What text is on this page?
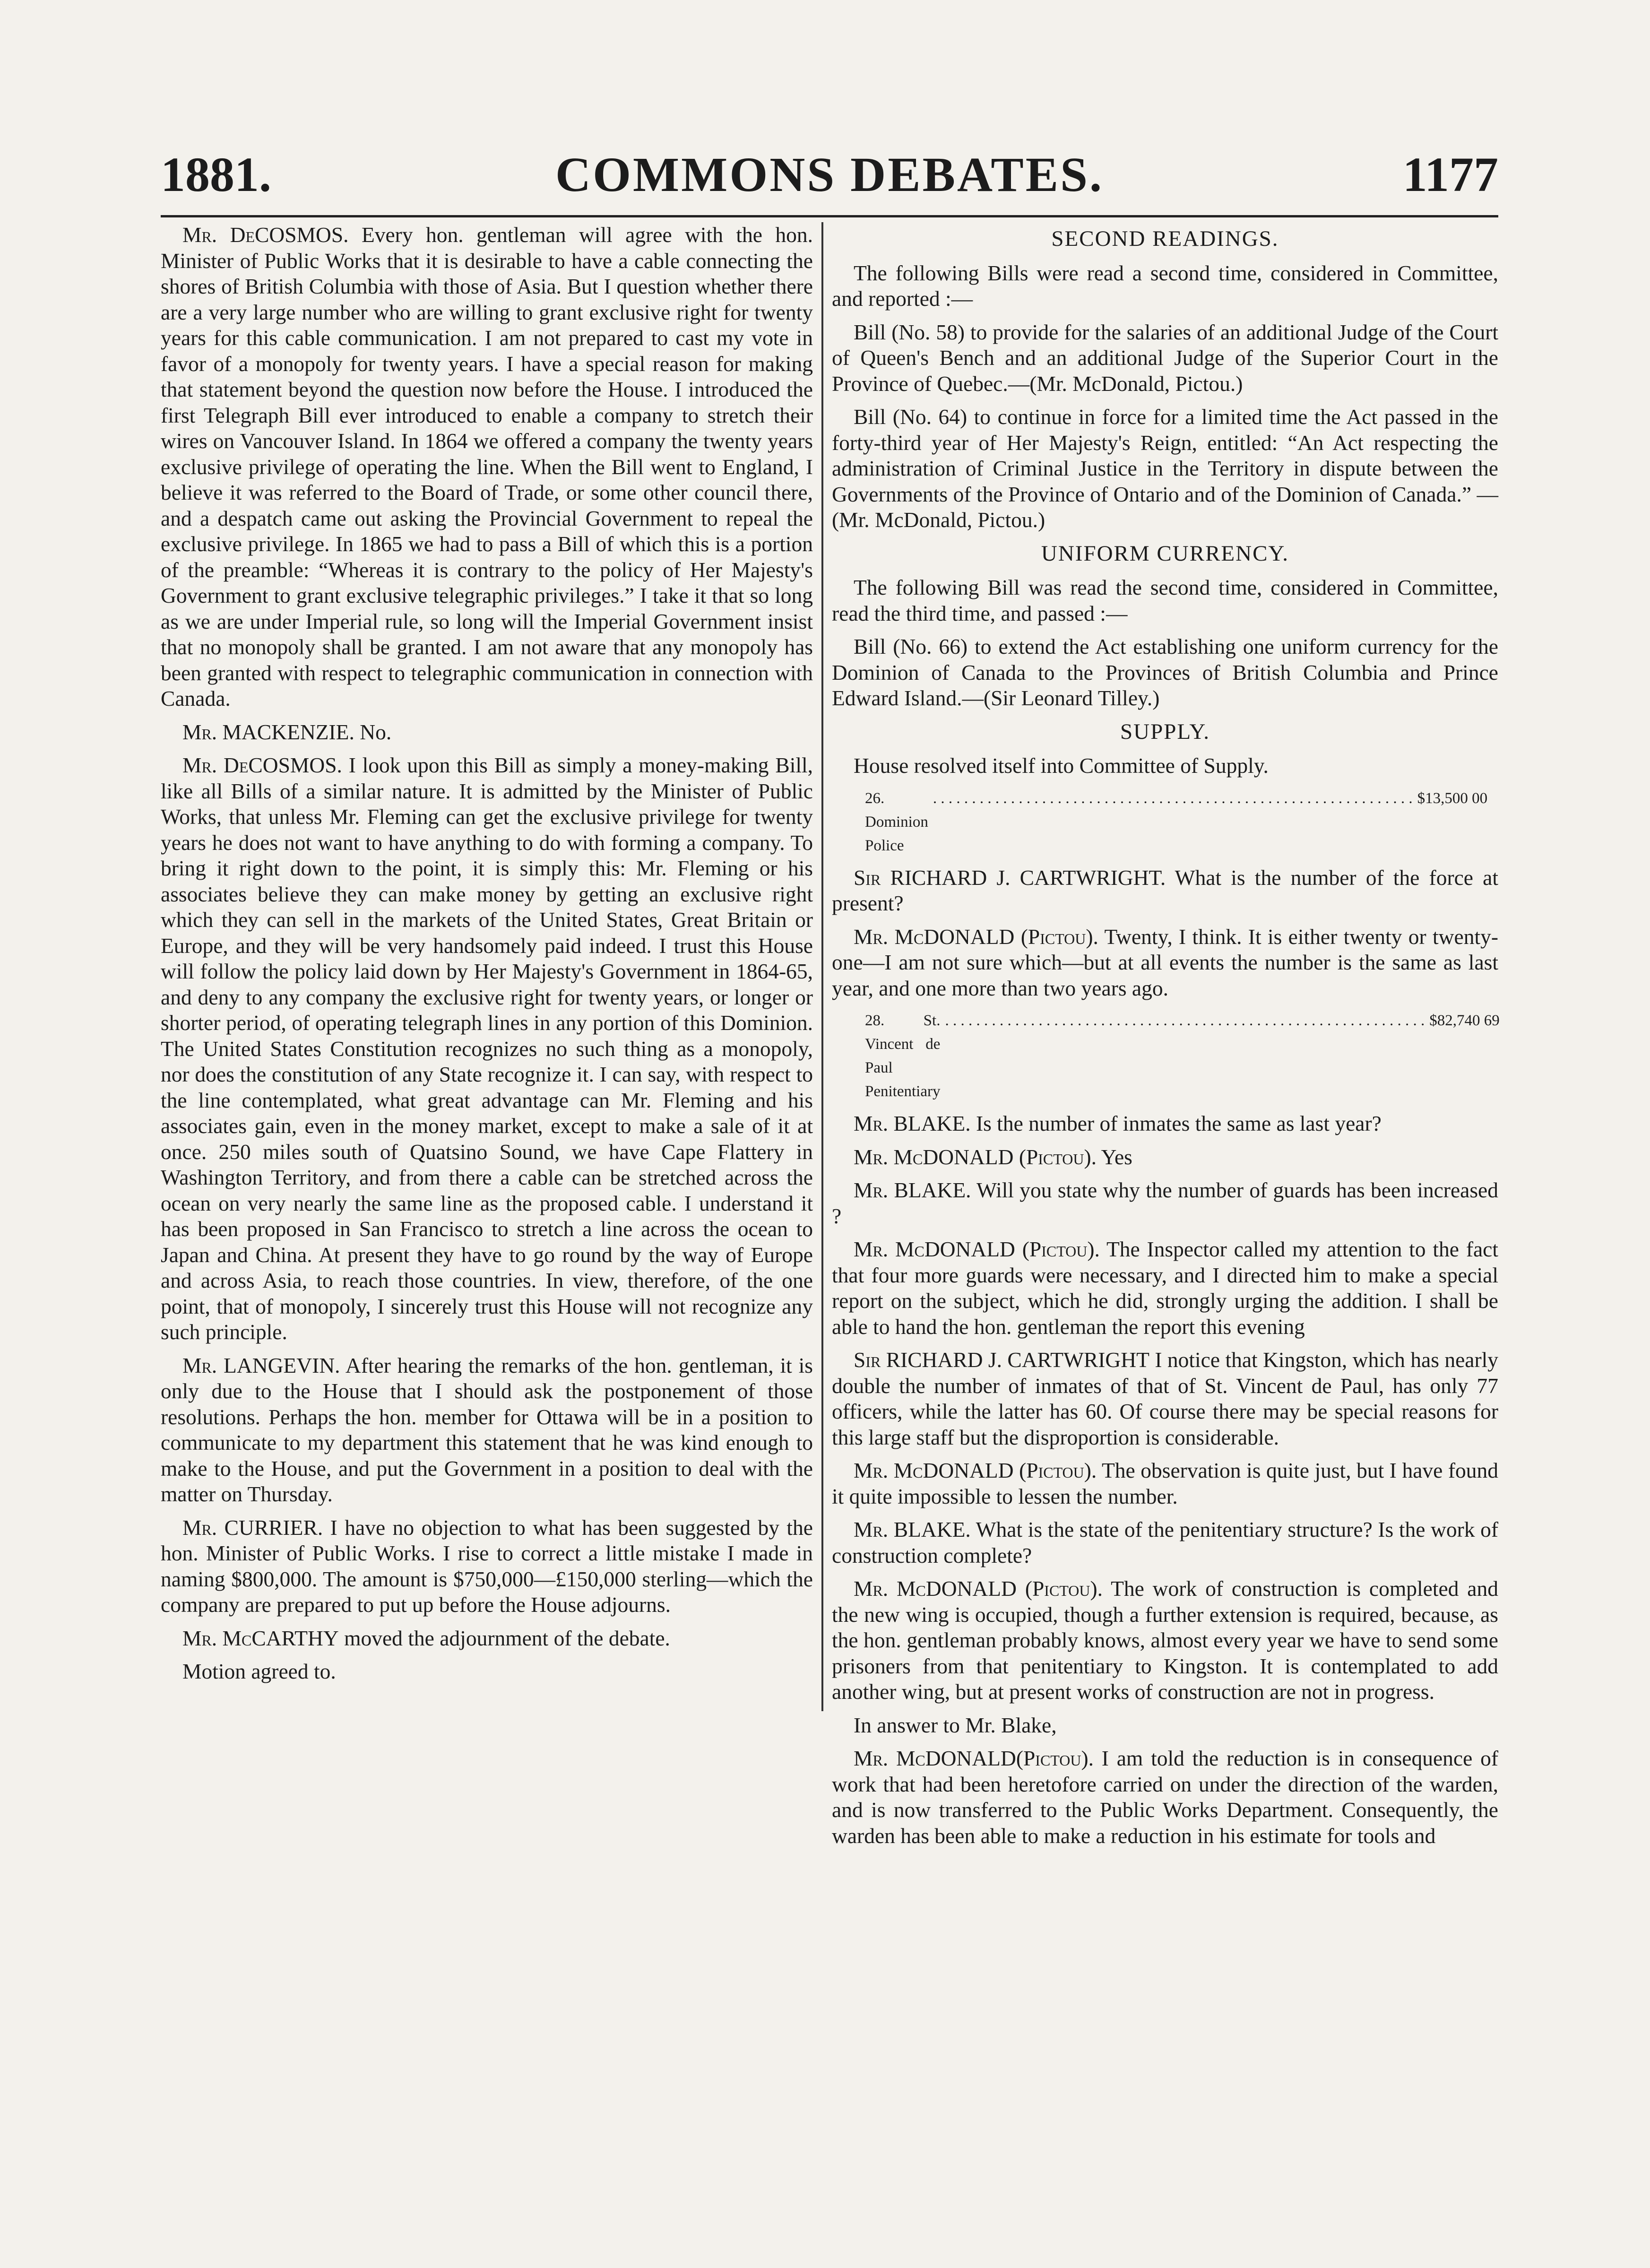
1881.	COMMONS DEBATES.	1177

Mr. DeCOSMOS. Every hon. gentleman will agree with the hon. Minister of Public Works that it is desirable to have a cable connecting the shores of British Columbia with those of Asia. But I question whether there are a very large number who are willing to grant exclusive right for twenty years for this cable communication. I am not prepared to cast my vote in favor of a monopoly for twenty years. I have a special reason for making that statement beyond the question now before the House. I introduced the first Telegraph Bill ever introduced to enable a company to stretch their wires on Vancouver Island. In 1864 we offered a company the twenty years exclusive privilege of operating the line. When the Bill went to England, I believe it was referred to the Board of Trade, or some other council there, and a despatch came out asking the Provincial Government to repeal the exclusive privilege. In 1865 we had to pass a Bill of which this is a portion of the preamble: “Whereas it is contrary to the policy of Her Majesty's Government to grant exclusive telegraphic privileges.” I take it that so long as we are under Imperial rule, so long will the Imperial Government insist that no monopoly shall be granted. I am not aware that any monopoly has been granted with respect to telegraphic communication in connection with Canada.

Mr. MACKENZIE. No.

Mr. DeCOSMOS. I look upon this Bill as simply a money-making Bill, like all Bills of a similar nature. It is admitted by the Minister of Public Works, that unless Mr. Fleming can get the exclusive privilege for twenty years he does not want to have anything to do with forming a company. To bring it right down to the point, it is simply this: Mr. Fleming or his associates believe they can make money by getting an exclusive right which they can sell in the markets of the United States, Great Britain or Europe, and they will be very handsomely paid indeed. I trust this House will follow the policy laid down by Her Majesty's Government in 1864-65, and deny to any company the exclusive right for twenty years, or longer or shorter period, of operating telegraph lines in any portion of this Dominion. The United States Constitution recognizes no such thing as a monopoly, nor does the constitution of any State recognize it. I can say, with respect to the line contemplated, what great advantage can Mr. Fleming and his associates gain, even in the money market, except to make a sale of it at once. 250 miles south of Quatsino Sound, we have Cape Flattery in Washington Territory, and from there a cable can be stretched across the ocean on very nearly the same line as the proposed cable. I understand it has been proposed in San Francisco to stretch a line across the ocean to Japan and China. At present they have to go round by the way of Europe and across Asia, to reach those countries. In view, therefore, of the one point, that of monopoly, I sincerely trust this House will not recognize any such principle.

Mr. LANGEVIN. After hearing the remarks of the hon. gentleman, it is only due to the House that I should ask the postponement of those resolutions. Perhaps the hon. member for Ottawa will be in a position to communicate to my department this statement that he was kind enough to make to the House, and put the Government in a position to deal with the matter on Thursday.

Mr. CURRIER. I have no objection to what has been suggested by the hon. Minister of Public Works. I rise to correct a little mistake I made in naming $800,000. The amount is $750,000—£150,000 sterling—which the company are prepared to put up before the House adjourns.

Mr. McCARTHY moved the adjournment of the debate.

Motion agreed to.

SECOND READINGS.

The following Bills were read a second time, considered in Committee, and reported :—

Bill (No. 58) to provide for the salaries of an additional Judge of the Court of Queen's Bench and an additional Judge of the Superior Court in the Province of Quebec.—(Mr. McDonald, Pictou.)

Bill (No. 64) to continue in force for a limited time the Act passed in the forty-third year of Her Majesty's Reign, entitled: “An Act respecting the administration of Criminal Justice in the Territory in dispute between the Governments of the Province of Ontario and of the Dominion of Canada.” —(Mr. McDonald, Pictou.)

UNIFORM CURRENCY.

The following Bill was read the second time, considered in Committee, read the third time, and passed :—

Bill (No. 66) to extend the Act establishing one uniform currency for the Dominion of Canada to the Provinces of British Columbia and Prince Edward Island.—(Sir Leonard Tilley.)

SUPPLY.

House resolved itself into Committee of Supply.

26. Dominion Police
. . .
$13,500 00

Sir RICHARD J. CARTWRIGHT. What is the number of the force at present?

Mr. McDONALD (Pictou). Twenty, I think. It is either twenty or twenty-one—I am not sure which—but at all events the number is the same as last year, and one more than two years ago.

28. St. Vincent de Paul Penitentiary
. . .
$82,740 69

Mr. BLAKE. Is the number of inmates the same as last year?

Mr. McDONALD (Pictou). Yes

Mr. BLAKE. Will you state why the number of guards has been increased ?

Mr. McDONALD (Pictou). The Inspector called my attention to the fact that four more guards were necessary, and I directed him to make a special report on the subject, which he did, strongly urging the addition. I shall be able to hand the hon. gentleman the report this evening

Sir RICHARD J. CARTWRIGHT I notice that Kingston, which has nearly double the number of inmates of that of St. Vincent de Paul, has only 77 officers, while the latter has 60. Of course there may be special reasons for this large staff but the disproportion is considerable.

Mr. McDONALD (Pictou). The observation is quite just, but I have found it quite impossible to lessen the number.

Mr. BLAKE. What is the state of the penitentiary structure? Is the work of construction complete?

Mr. McDONALD (Pictou). The work of construction is completed and the new wing is occupied, though a further extension is required, because, as the hon. gentleman probably knows, almost every year we have to send some prisoners from that penitentiary to Kingston. It is contemplated to add another wing, but at present works of construction are not in progress.

In answer to Mr. Blake,

Mr. McDONALD(Pictou). I am told the reduction is in consequence of work that had been heretofore carried on under the direction of the warden, and is now transferred to the Public Works Department. Consequently, the warden has been able to make a reduction in his estimate for tools and
